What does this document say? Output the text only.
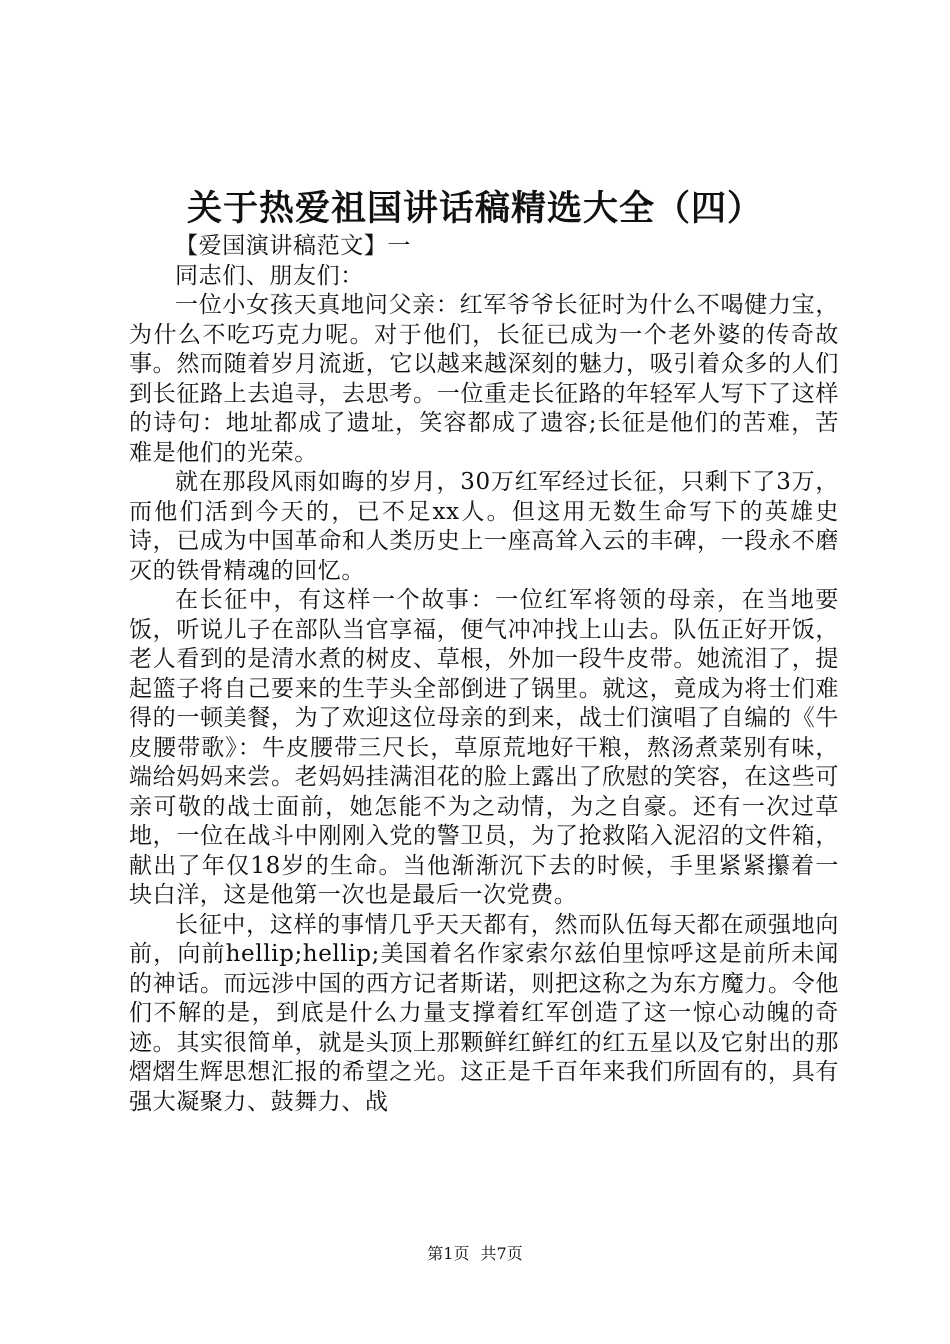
关于热爱祖国讲话稿精选大全（四）

【爱国演讲稿范文】一

同志们、朋友们：

一位小女孩天真地问父亲：红军爷爷长征时为什么不喝健力宝，为什么不吃巧克力呢。对于他们，长征已成为一个老外婆的传奇故事。然而随着岁月流逝，它以越来越深刻的魅力，吸引着众多的人们到长征路上去追寻，去思考。一位重走长征路的年轻军人写下了这样的诗句：地址都成了遗址，笑容都成了遗容;长征是他们的苦难，苦难是他们的光荣。

就在那段风雨如晦的岁月，30万红军经过长征，只剩下了3万，而他们活到今天的，已不足xx人。但这用无数生命写下的英雄史诗，已成为中国革命和人类历史上一座高耸入云的丰碑，一段永不磨灭的铁骨精魂的回忆。

在长征中，有这样一个故事：一位红军将领的母亲，在当地要饭，听说儿子在部队当官享福，便气冲冲找上山去。队伍正好开饭，老人看到的是清水煮的树皮、草根，外加一段牛皮带。她流泪了，提起篮子将自己要来的生芋头全部倒进了锅里。就这，竟成为将士们难得的一顿美餐，为了欢迎这位母亲的到来，战士们演唱了自编的《牛皮腰带歌》：牛皮腰带三尺长，草原荒地好干粮，熬汤煮菜别有味，端给妈妈来尝。老妈妈挂满泪花的脸上露出了欣慰的笑容，在这些可亲可敬的战士面前，她怎能不为之动情，为之自豪。还有一次过草地，一位在战斗中刚刚入党的警卫员，为了抢救陷入泥沼的文件箱，献出了年仅18岁的生命。当他渐渐沉下去的时候，手里紧紧攥着一块白洋，这是他第一次也是最后一次党费。

长征中，这样的事情几乎天天都有，然而队伍每天都在顽强地向前，向前hellip;hellip;美国着名作家索尔兹伯里惊呼这是前所未闻的神话。而远涉中国的西方记者斯诺，则把这称之为东方魔力。令他们不解的是，到底是什么力量支撑着红军创造了这一惊心动魄的奇迹。其实很简单，就是头顶上那颗鲜红鲜红的红五星以及它射出的那熠熠生辉思想汇报的希望之光。这正是千百年来我们所固有的，具有强大凝聚力、鼓舞力、战

第1页 共7页
